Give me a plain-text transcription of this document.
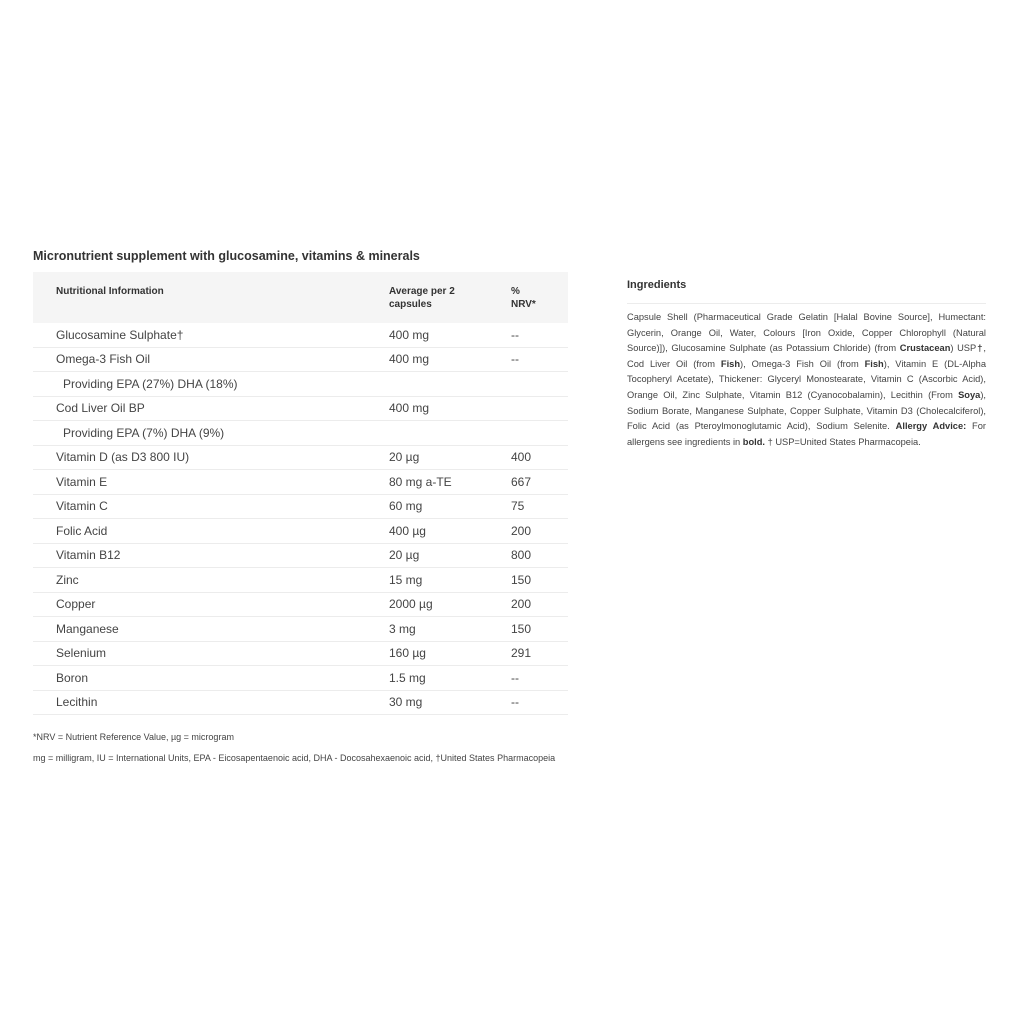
Micronutrient supplement with glucosamine, vitamins & minerals
Nutritional Information	Average per 2 capsules	% NRV*
Glucosamine Sulphate†	400 mg	--
Omega-3 Fish Oil	400 mg	--
Providing EPA (27%) DHA (18%)		
Cod Liver Oil BP	400 mg	
Providing EPA (7%) DHA (9%)		
Vitamin D (as D3 800 IU)	20 µg	400
Vitamin E	80 mg a-TE	667
Vitamin C	60 mg	75
Folic Acid	400 µg	200
Vitamin B12	20 µg	800
Zinc	15 mg	150
Copper	2000 µg	200
Manganese	3 mg	150
Selenium	160 µg	291
Boron	1.5 mg	--
Lecithin	30 mg	--

*NRV = Nutrient Reference Value, µg = microgram

mg = milligram, IU = International Units, EPA - Eicosapentaenoic acid, DHA - Docosahexaenoic acid, †United States Pharmacopeia

Ingredients

Capsule Shell (Pharmaceutical Grade Gelatin [Halal Bovine Source], Humectant: Glycerin, Orange Oil, Water, Colours [Iron Oxide, Copper Chlorophyll (Natural Source)]), Glucosamine Sulphate (as Potassium Chloride) (from Crustacean) USP†, Cod Liver Oil (from Fish), Omega-3 Fish Oil (from Fish), Vitamin E (DL-Alpha Tocopheryl Acetate), Thickener: Glyceryl Monostearate, Vitamin C (Ascorbic Acid), Orange Oil, Zinc Sulphate, Vitamin B12 (Cyanocobalamin), Lecithin (From Soya), Sodium Borate, Manganese Sulphate, Copper Sulphate, Vitamin D3 (Cholecalciferol), Folic Acid (as Pteroylmonoglutamic Acid), Sodium Selenite. Allergy Advice: For allergens see ingredients in bold. † USP=United States Pharmacopeia.
